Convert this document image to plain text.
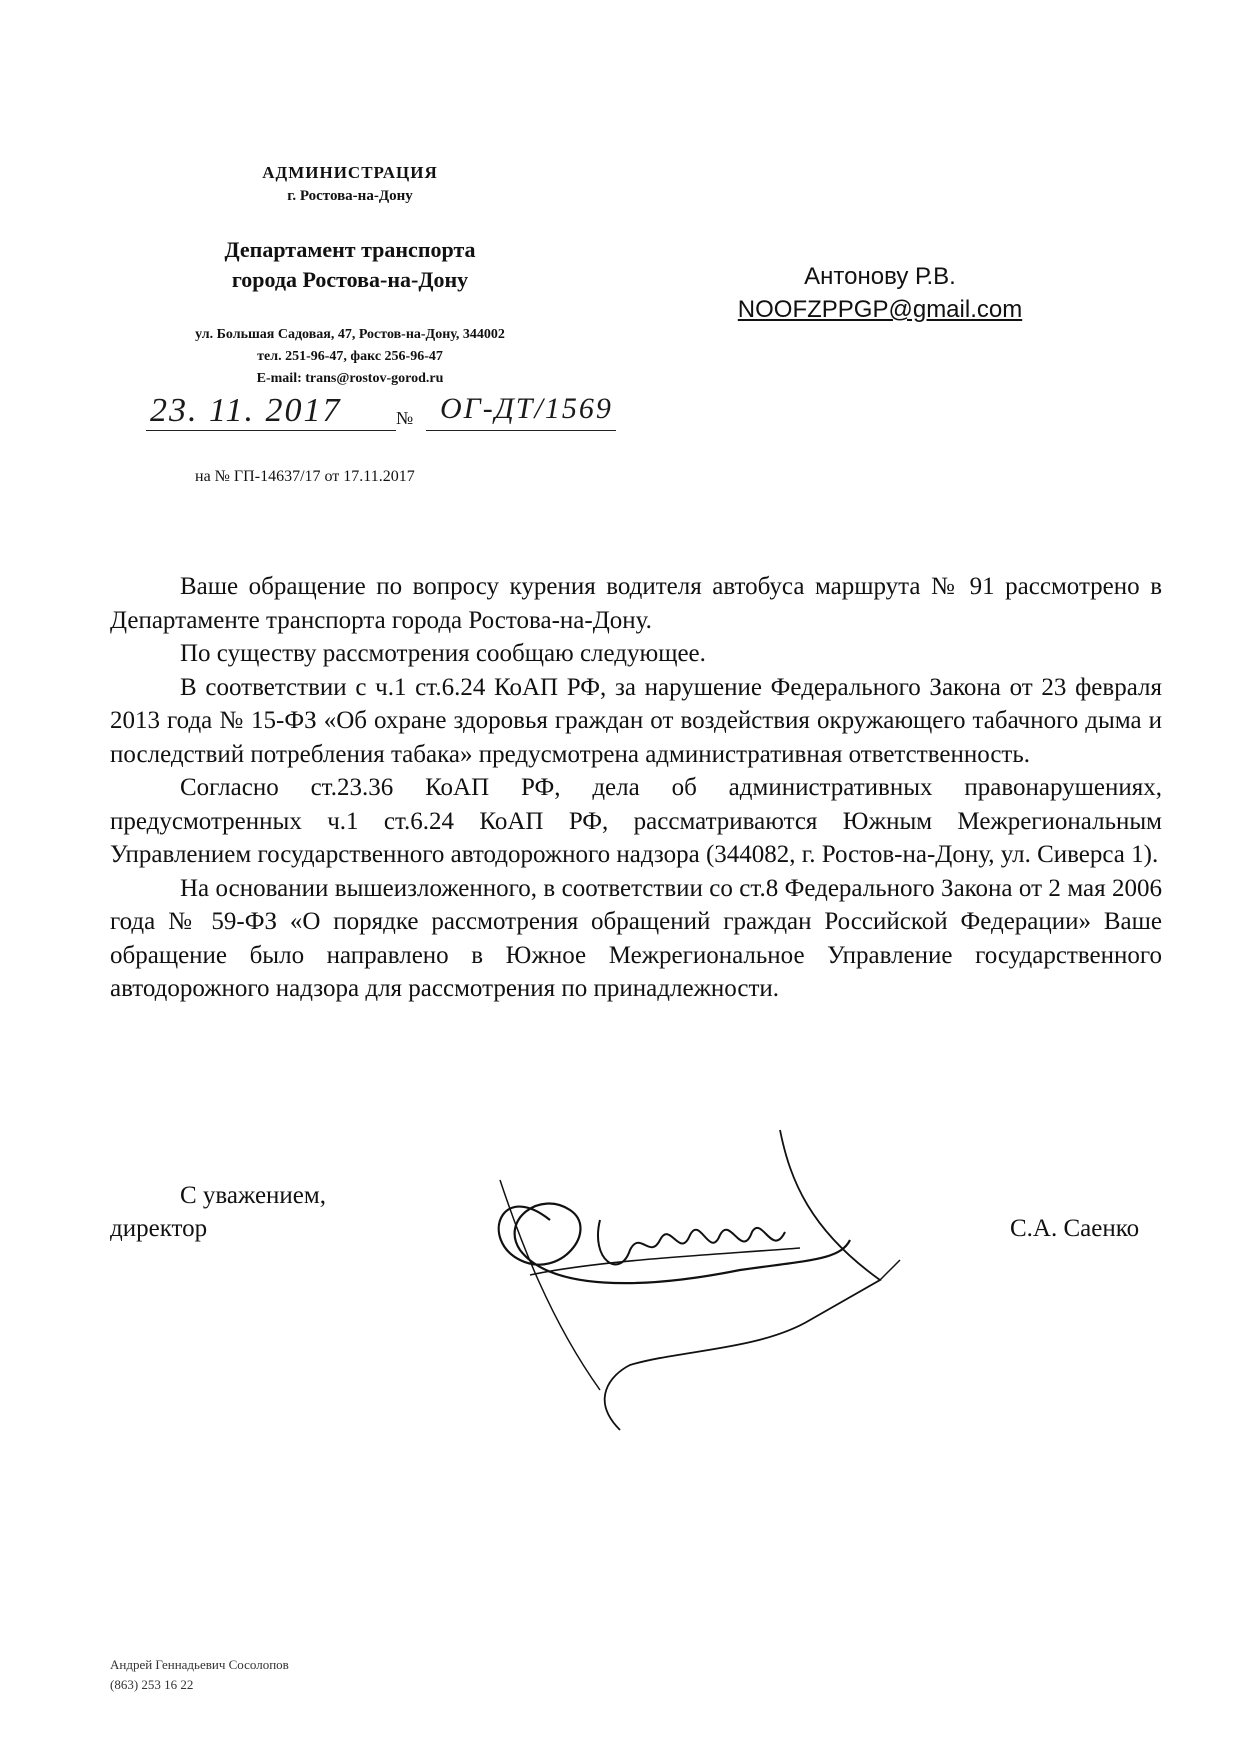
АДМИНИСТРАЦИЯ
г. Ростова-на-Дону
Департамент транспорта
города Ростова-на-Дону
ул. Большая Садовая, 47, Ростов-на-Дону, 344002
тел. 251-96-47, факс 256-96-47
E-mail: trans@rostov-gorod.ru
23. 11. 2017	№ ОГ-ДТ/1569
на № ГП-14637/17 от 17.11.2017
Антонову Р.В.
NOOFZPPGP@gmail.com

Ваше обращение по вопросу курения водителя автобуса маршрута № 91 рассмотрено в Департаменте транспорта города Ростова-на-Дону.

По существу рассмотрения сообщаю следующее.

В соответствии с ч.1 ст.6.24 КоАП РФ, за нарушение Федерального Закона от 23 февраля 2013 года № 15-ФЗ «Об охране здоровья граждан от воздействия окружающего табачного дыма и последствий потребления табака» предусмотрена административная ответственность.

Согласно ст.23.36 КоАП РФ, дела об административных правонарушениях, предусмотренных ч.1 ст.6.24 КоАП РФ, рассматриваются Южным Межрегиональным Управлением государственного автодорожного надзора (344082, г. Ростов-на-Дону, ул. Сиверса 1).

На основании вышеизложенного, в соответствии со ст.8 Федерального Закона от 2 мая 2006 года № 59-ФЗ «О порядке рассмотрения обращений граждан Российской Федерации» Ваше обращение было направлено в Южное Межрегиональное Управление государственного автодорожного надзора для рассмотрения по принадлежности.

С уважением,
директор	С.А. Саенко
Андрей Геннадьевич Сосолопов
(863) 253 16 22
